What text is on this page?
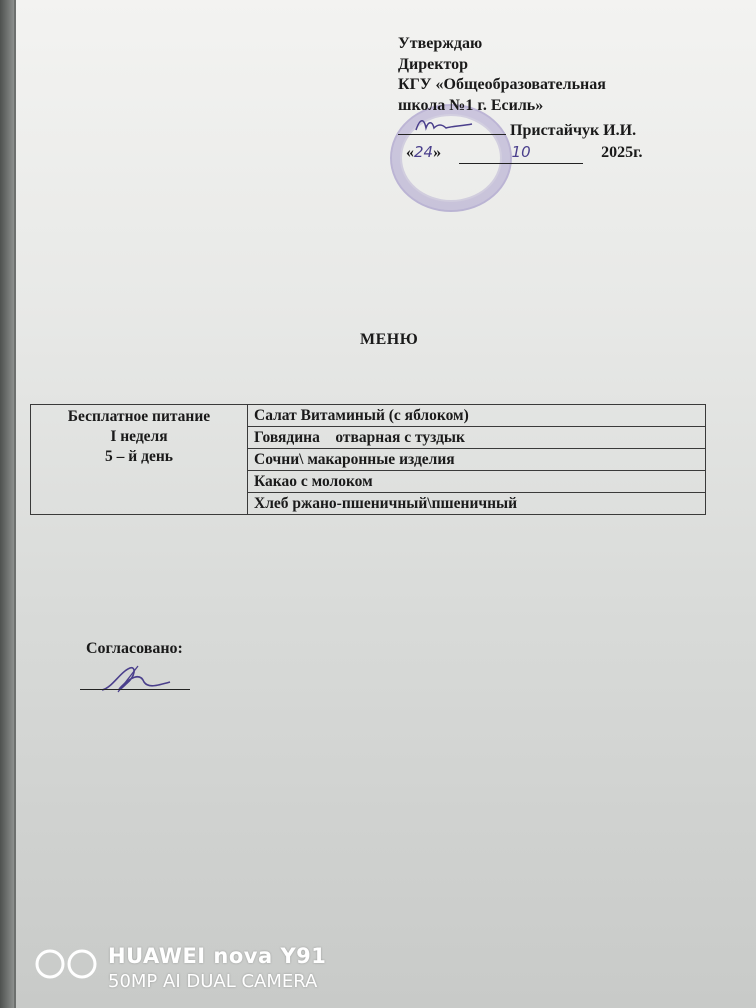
Утверждаю
Директор
КГУ «Общеобразовательная
школа №1 г. Есиль»
Пристайчук И.И.
«24»	10	2025г.
МЕНЮ
Бесплатное питание
I неделя
5 – й день
	Салат Витаминый (с яблоком)
Говядина    отварная с туздык
Сочни\ макаронные изделия
Какао с молоком
Хлеб ржано-пшеничный\пшеничный
Согласовано:
HUAWEI nova Y91
50MP AI DUAL CAMERA
